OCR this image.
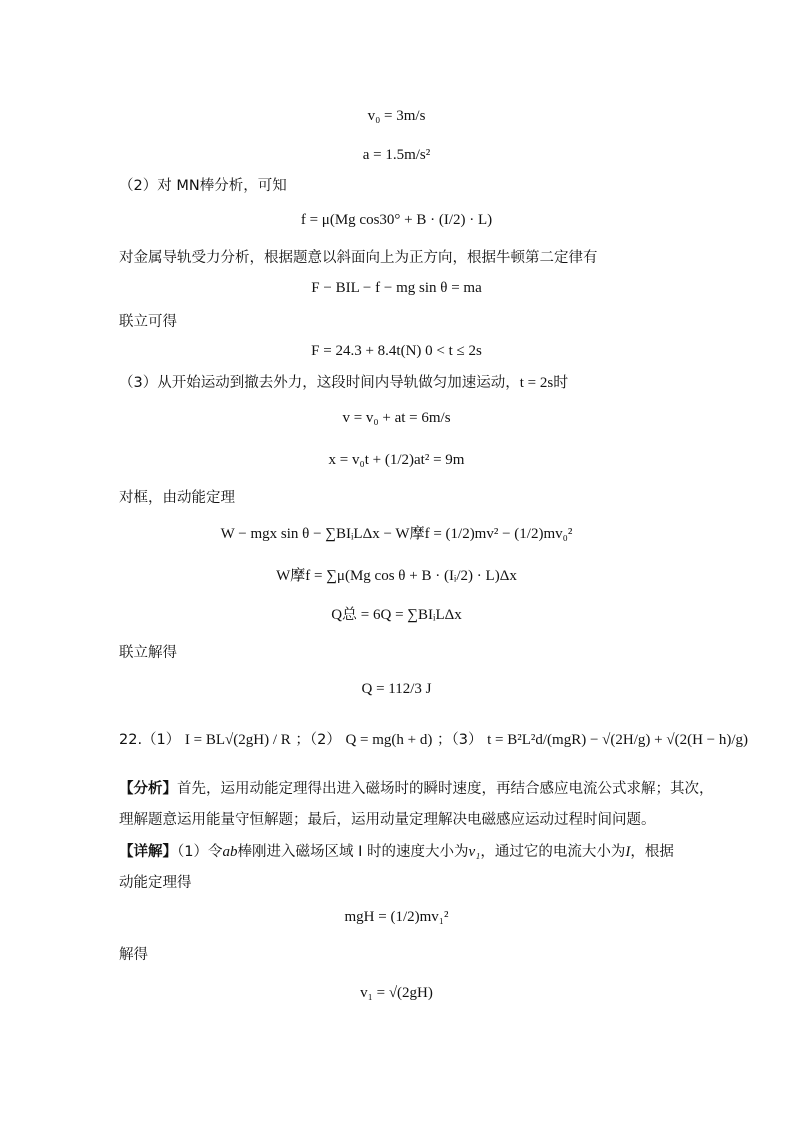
v₀ = 3m/s
a = 1.5m/s²
（2）对 MN棒分析，可知
f = μ(Mg cos30° + B · (I/2) · L)
对金属导轨受力分析，根据题意以斜面向上为正方向，根据牛顿第二定律有
F − BIL − f − mg sin θ = ma
联立可得
F = 24.3 + 8.4t(N) 0 < t ≤ 2s
（3）从开始运动到撤去外力，这段时间内导轨做匀加速运动，t = 2s时
v = v₀ + at = 6m/s
x = v₀t + (1/2)at² = 9m
对框，由动能定理
W − mgx sin θ − ∑BIᵢLΔx − W摩f = (1/2)mv² − (1/2)mv₀²
W摩f = ∑μ(Mg cos θ + B · (Iᵢ/2) · L)Δx
Q总 = 6Q = ∑BIᵢLΔx
联立解得
Q = 112/3 J
22.（1） I = BL√(2gH) / R ；（2） Q = mg(h + d) ；（3） t = B²L²d/(mgR) − √(2H/g) + √(2(H − h)/g)
【分析】首先，运用动能定理得出进入磁场时的瞬时速度，再结合感应电流公式求解；其次，
理解题意运用能量守恒解题；最后，运用动量定理解决电磁感应运动过程时间问题。
【详解】（1）令ab棒刚进入磁场区域 I 时的速度大小为v₁，通过它的电流大小为I，根据
动能定理得
mgH = (1/2)mv₁²
解得
v₁ = √(2gH)
